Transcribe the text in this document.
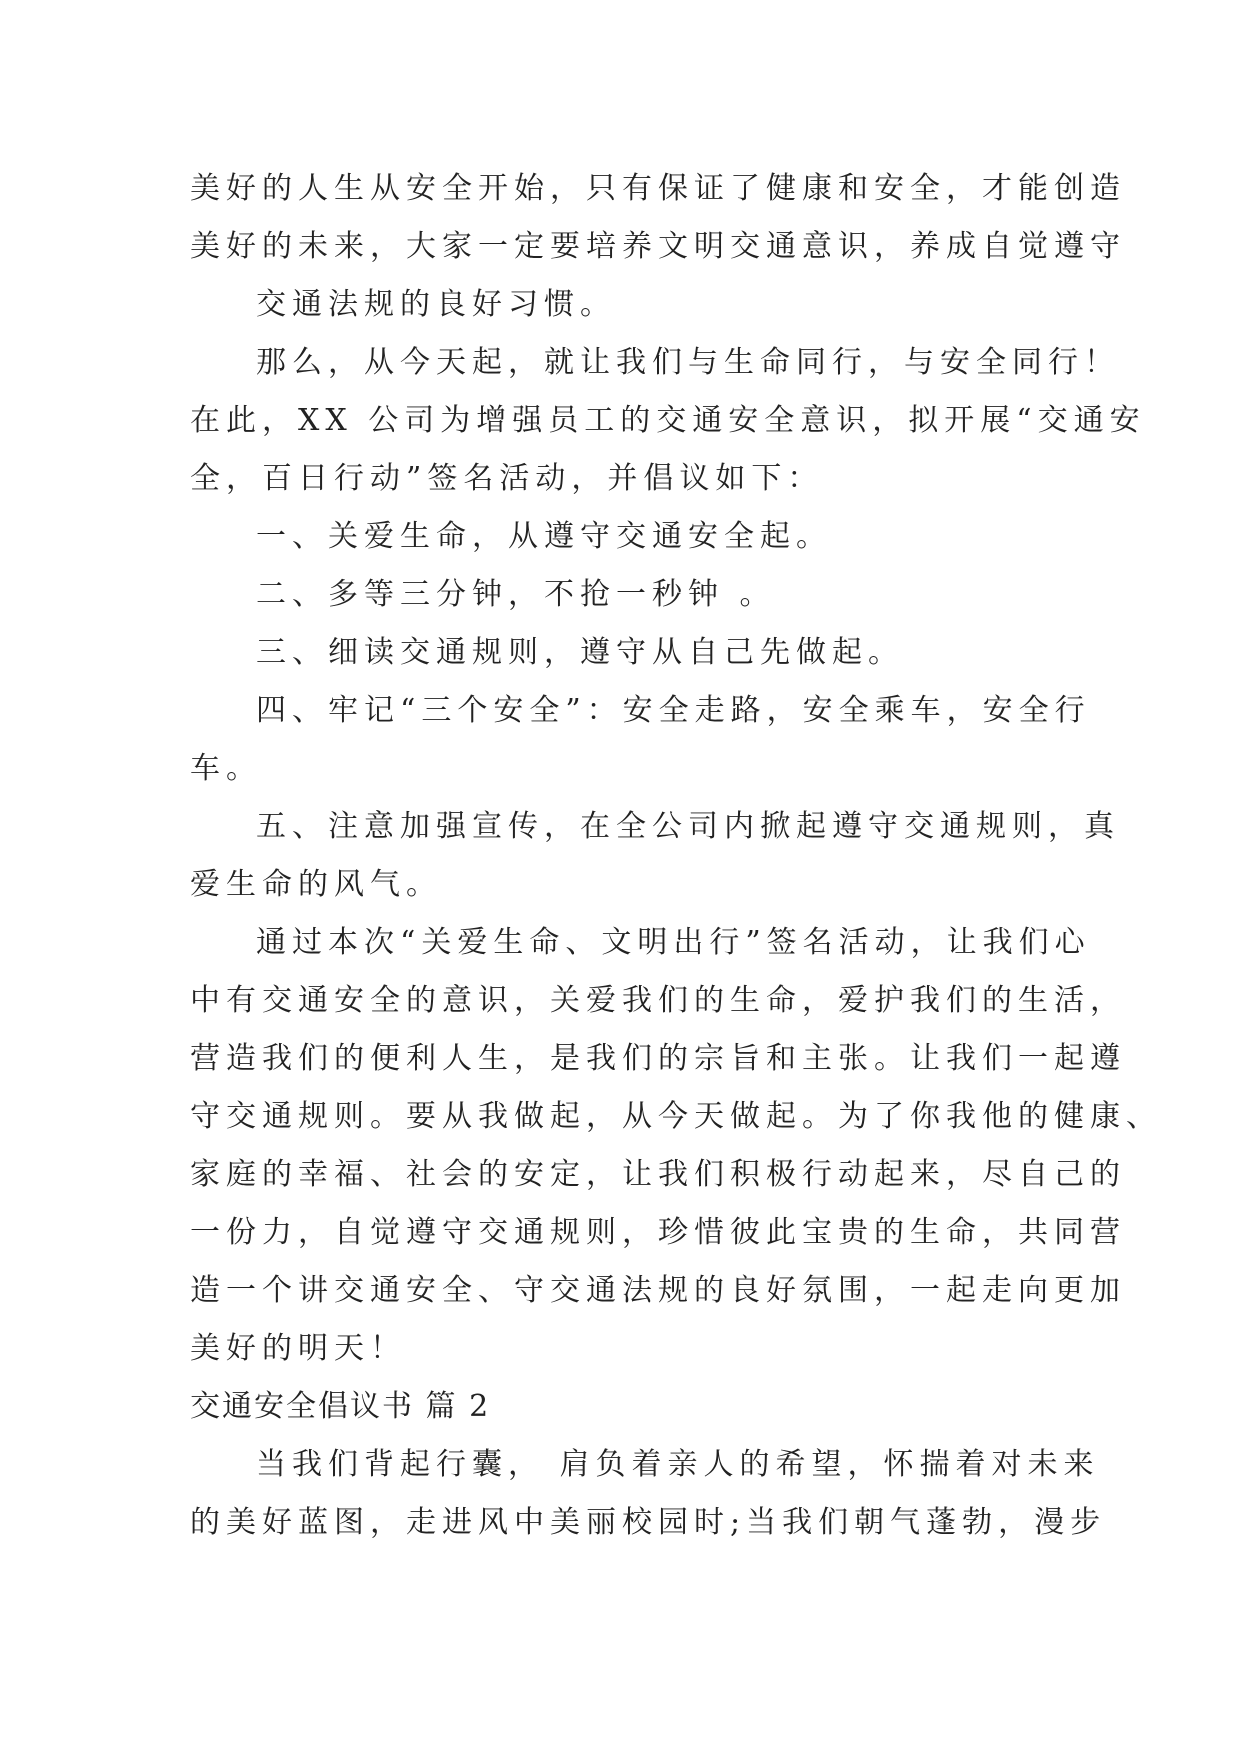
美好的人生从安全开始，只有保证了健康和安全，才能创造
美好的未来，大家一定要培养文明交通意识，养成自觉遵守
交通法规的良好习惯。
那么，从今天起，就让我们与生命同行，与安全同行！
在此，XX 公司为增强员工的交通安全意识，拟开展“交通安
全，百日行动”签名活动，并倡议如下：
一、关爱生命，从遵守交通安全起。
二、多等三分钟，不抢一秒钟 。
三、细读交通规则，遵守从自己先做起。
四、牢记“三个安全”：安全走路，安全乘车，安全行
车。
五、注意加强宣传，在全公司内掀起遵守交通规则，真
爱生命的风气。
通过本次“关爱生命、文明出行”签名活动，让我们心
中有交通安全的意识，关爱我们的生命，爱护我们的生活，
营造我们的便利人生，是我们的宗旨和主张。让我们一起遵
守交通规则。要从我做起，从今天做起。为了你我他的健康、
家庭的幸福、社会的安定，让我们积极行动起来，尽自己的
一份力，自觉遵守交通规则，珍惜彼此宝贵的生命，共同营
造一个讲交通安全、守交通法规的良好氛围，一起走向更加
美好的明天！
交通安全倡议书 篇 2
当我们背起行囊， 肩负着亲人的希望，怀揣着对未来
的美好蓝图，走进风中美丽校园时;当我们朝气蓬勃，漫步
